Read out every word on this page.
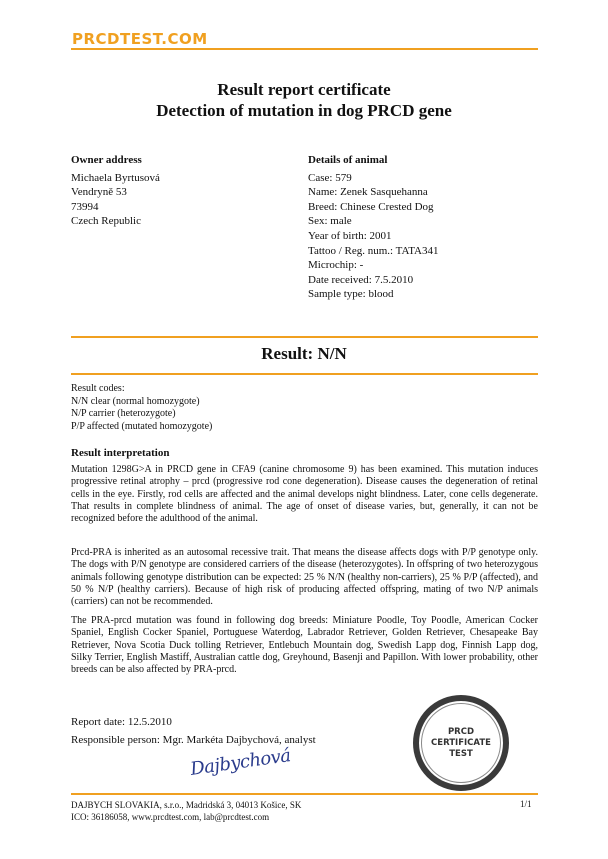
PRCDTEST.COM
Result report certificate
Detection of mutation in dog PRCD gene
Owner address
Michaela Byrtusová
Vendryně 53
73994
Czech Republic
Details of animal
Case: 579
Name: Zenek Sasquehanna
Breed: Chinese Crested Dog
Sex: male
Year of birth: 2001
Tattoo / Reg. num.: TATA341
Microchip: -
Date received: 7.5.2010
Sample type: blood
Result: N/N
Result codes:
N/N clear (normal homozygote)
N/P carrier (heterozygote)
P/P affected (mutated homozygote)
Result interpretation
Mutation 1298G>A in PRCD gene in CFA9 (canine chromosome 9) has been examined. This mutation induces progressive retinal atrophy – prcd (progressive rod cone degeneration). Disease causes the degeneration of retinal cells in the eye. Firstly, rod cells are affected and the animal develops night blindness. Later, cone cells degenerate. That results in complete blindness of animal. The age of onset of disease varies, but, generally, it can not be recognized before the adulthood of the animal.
Prcd-PRA is inherited as an autosomal recessive trait. That means the disease affects dogs with P/P genotype only. The dogs with P/N genotype are considered carriers of the disease (heterozygotes). In offspring of two heterozygous animals following genotype distribution can be expected: 25 % N/N (healthy non-carriers), 25 % P/P (affected), and 50 % N/P (healthy carriers). Because of high risk of producing affected offspring, mating of two N/P animals (carriers) can not be recommended.
The PRA-prcd mutation was found in following dog breeds: Miniature Poodle, Toy Poodle, American Cocker Spaniel, English Cocker Spaniel, Portuguese Waterdog, Labrador Retriever, Golden Retriever, Chesapeake Bay Retriever, Nova Scotia Duck tolling Retriever, Entlebuch Mountain dog, Swedish Lapp dog, Finnish Lapp dog, Silky Terrier, English Mastiff, Australian cattle dog, Greyhound, Basenji and Papillon. With lower probability, other breeds can be also affected by PRA-prcd.
Report date: 12.5.2010
Responsible person: Mgr. Markéta Dajbychová, analyst
Dajbychová
PRCD
CERTIFICATE
TEST
DAJBYCH SLOVAKIA, s.r.o., Madridská 3, 04013 Košice, SK
ICO: 36186058, www.prcdtest.com, lab@prcdtest.com
1/1
